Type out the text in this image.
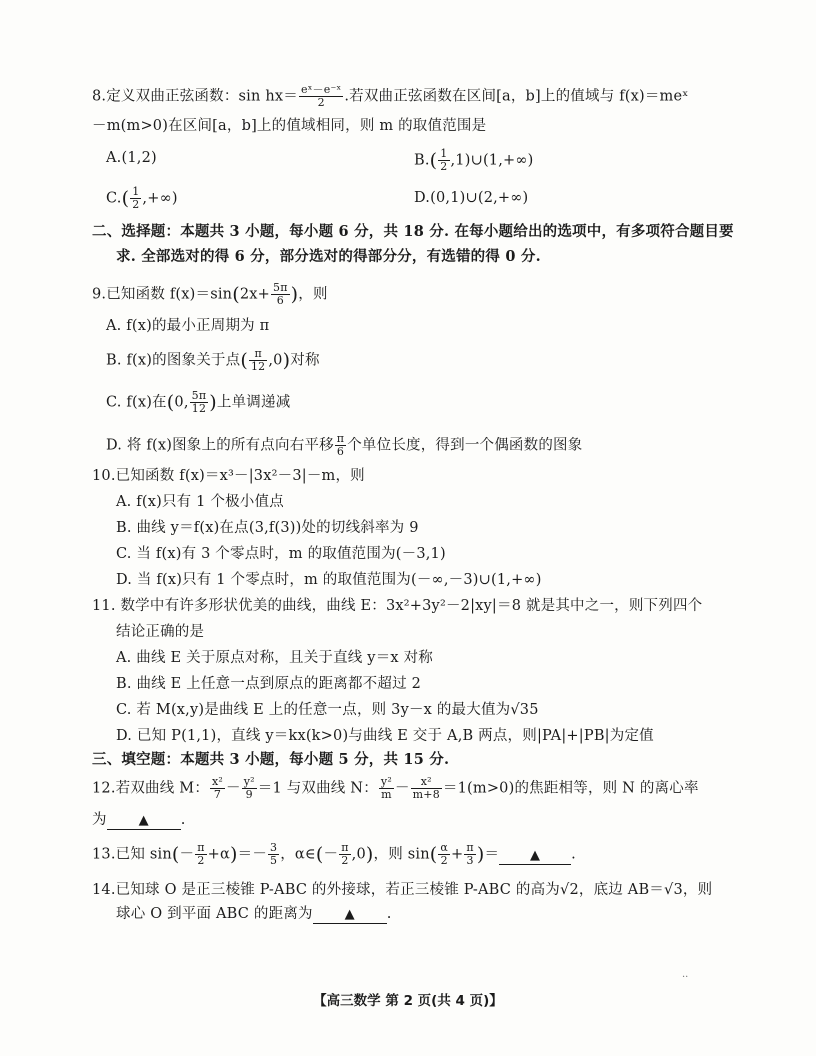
8.定义双曲正弦函数：$\sin hx= \frac{\text{eˣ－e⁻ˣ}}{2}$ .若双曲正弦函数在区间[a，b]上的值域与 f(x)＝meˣ
－m(m>0)在区间[a，b]上的值域相同，则 m 的取值范围是
A.(1,2)	$B.( \frac{1}{2}$ ,1)∪(1,+∞)
$C.( \frac{1}{2}$ ,+∞)	D.(0,1)∪(2,+∞)
二、选择题：本题共 3 小题，每小题 6 分，共 18 分. 在每小题给出的选项中，有多项符合题目要
求. 全部选对的得 6 分，部分选对的得部分分，有选错的得 0 分.
9.已知函数 $f(x)=\sin(2x+ \frac{5\pi}{6}$ )，则
A. f(x)的最小正周期为 π
B. f(x)的图象关于点( $\frac{\pi}{12} ,0$)对称
C. f(x)在(0, $\frac{5\pi}{12}$ )上单调递减
D. 将 f(x)图象上的所有点向右平移 $\frac{\pi}{6}$ 个单位长度，得到一个偶函数的图象
10.已知函数 f(x)＝x³－|3x²－3|－m，则
A. f(x)只有 1 个极小值点
B. 曲线 y＝f(x)在点(3,f(3))处的切线斜率为 9
C. 当 f(x)有 3 个零点时，m 的取值范围为(－3,1)
D. 当 f(x)只有 1 个零点时，m 的取值范围为(－∞,－3)∪(1,+∞)
11. 数学中有许多形状优美的曲线，曲线 E：3x²+3y²－2|xy|＝8 就是其中之一，则下列四个
结论正确的是
A. 曲线 E 关于原点对称，且关于直线 y＝x 对称
B. 曲线 E 上任意一点到原点的距离都不超过 2
C. 若 M(x,y)是曲线 E 上的任意一点，则 3y－x 的最大值为√35
D. 已知 P(1,1)，直线 y＝kx(k>0)与曲线 E 交于 A,B 两点，则|PA|+|PB|为定值
三、填空题：本题共 3 小题，每小题 5 分，共 15 分.
12.若双曲线 M： $\frac{\text{x²}}{7} - \frac{\text{y²}}{9} =1$ 与双曲线 N： $\frac{\text{y²}}{m} - \frac{\text{x²}}{m+8} =1(m>0)$的焦距相等，则 N 的离心率
为 ▲ .
13.已知 $\sin(- \frac{\pi}{2} +\alpha)=- \frac{3}{5}$ ，α∈(－ $\frac{\pi}{2} ,0$)，则 $\sin( \frac{\alpha}{2} + \frac{\pi}{3}$ )＝ ▲ .
14.已知球 O 是正三棱锥 P-ABC 的外接球，若正三棱锥 P-ABC 的高为√2，底边 AB＝√3，则
球心 O 到平面 ABC 的距离为 ▲ .
··
【高三数学 第 2 页(共 4 页)】
